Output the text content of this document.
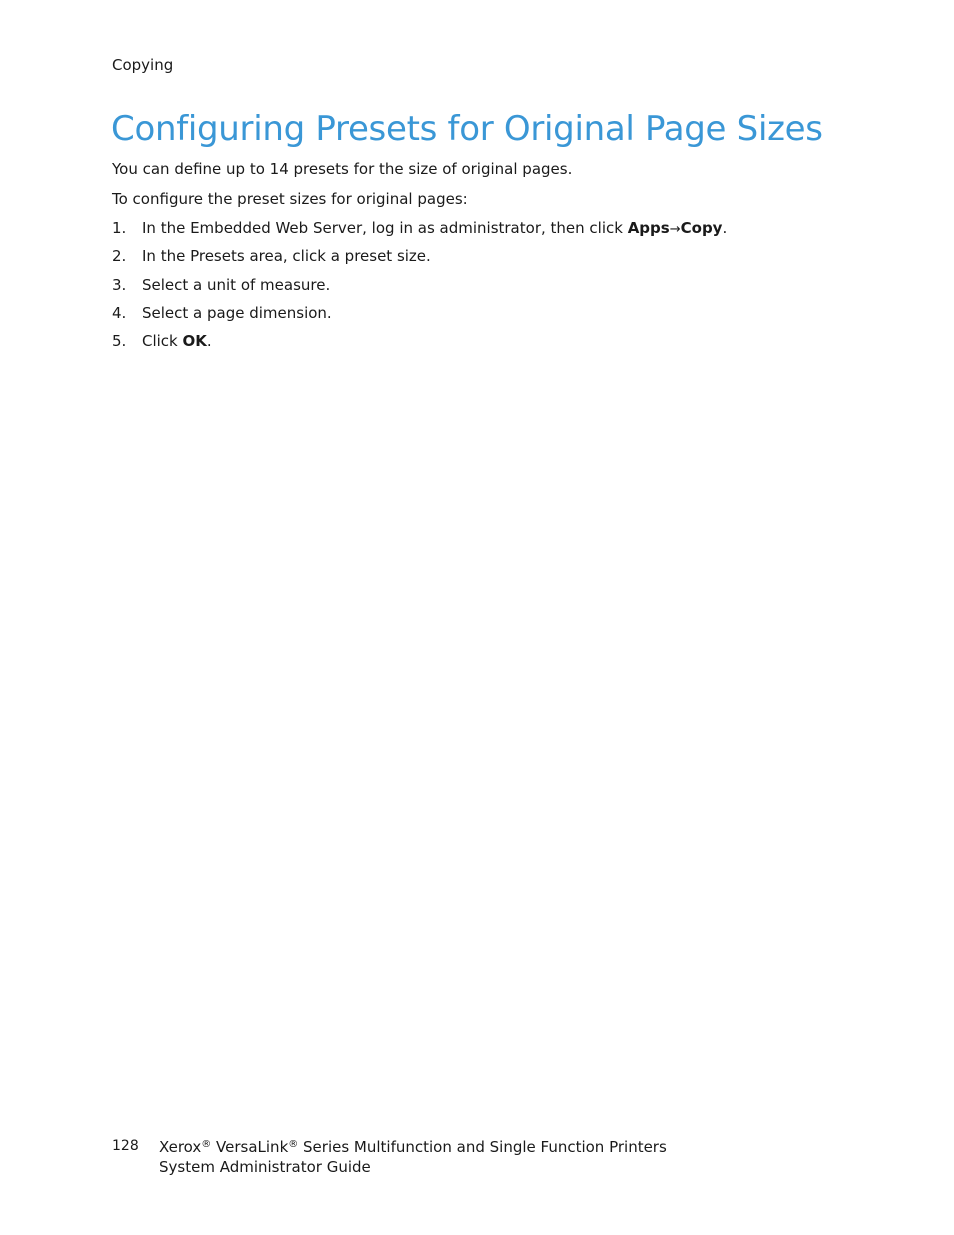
Copying
Configuring Presets for Original Page Sizes

You can define up to 14 presets for the size of original pages.

To configure the preset sizes for original pages:

1. In the Embedded Web Server, log in as administrator, then click Apps→Copy.
2. In the Presets area, click a preset size.
3. Select a unit of measure.
4. Select a page dimension.
5. Click OK.
128 Xerox® VersaLink® Series Multifunction and Single Function Printers
System Administrator Guide
